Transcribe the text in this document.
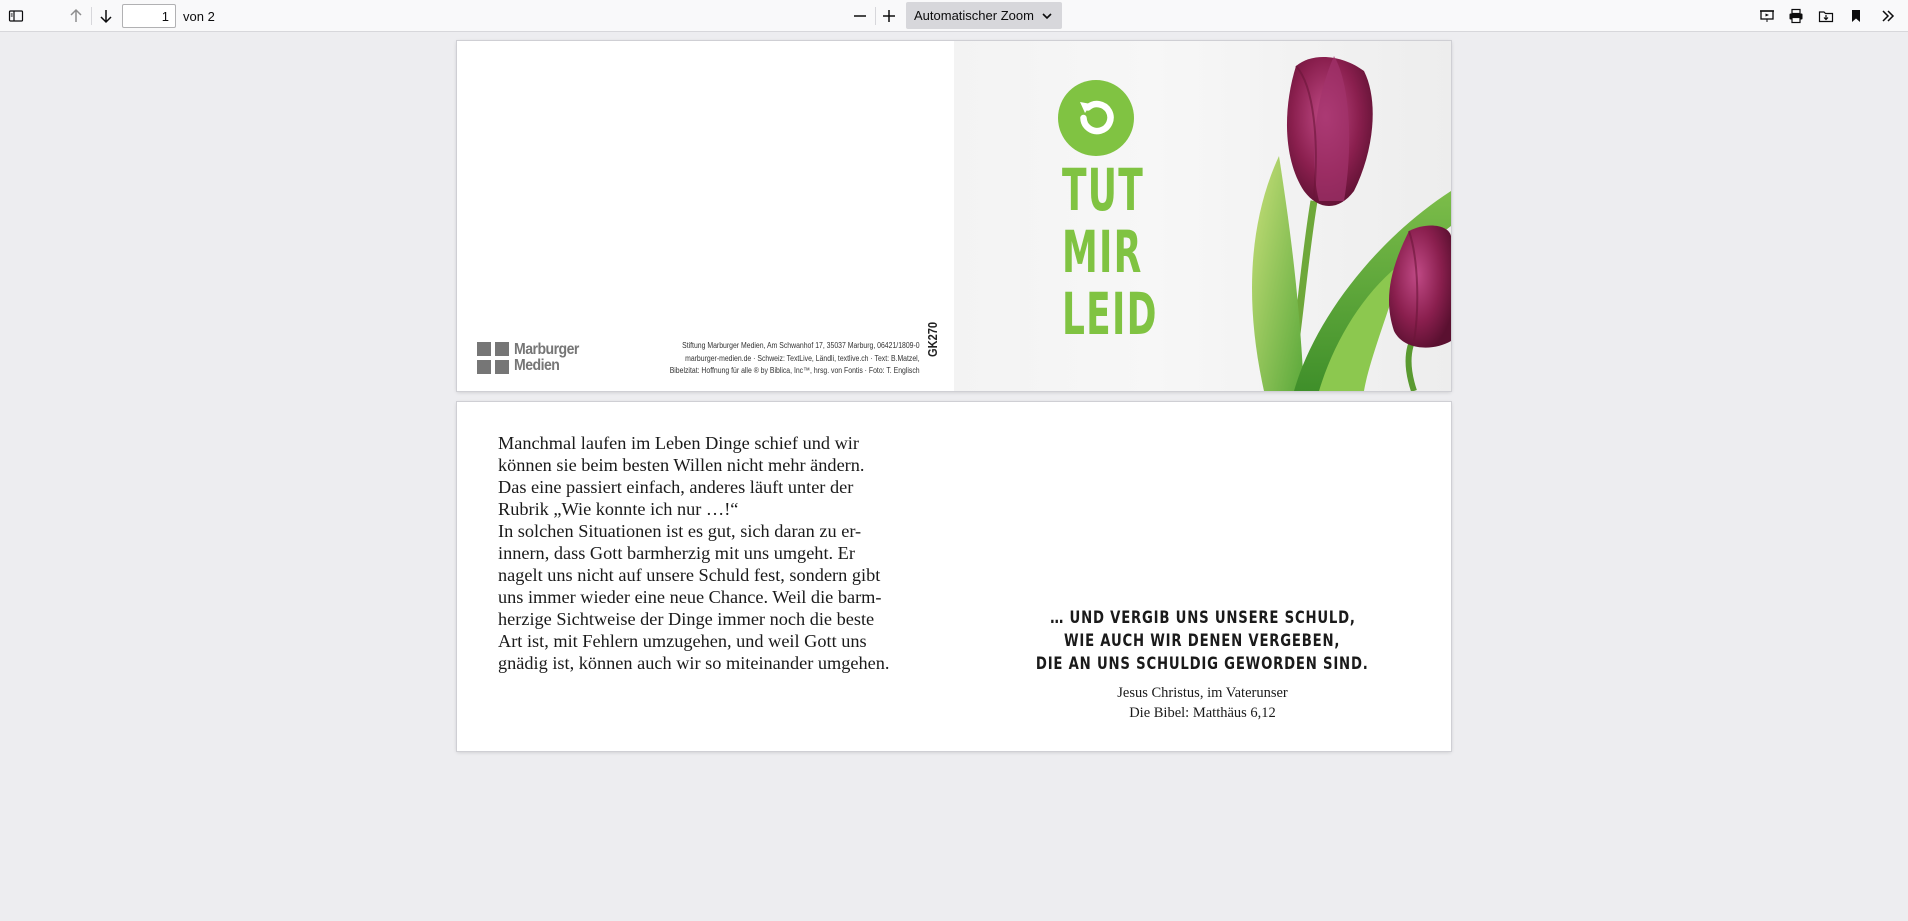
1
von 2	Automatischer Zoom
Marburger
Medien
Stiftung Marburger Medien, Am Schwanhof 17, 35037 Marburg, 06421/1809-0
marburger-medien.de · Schweiz: TextLive, Ländli, textlive.ch · Text: B.Matzel,
Bibelzitat: Hoffnung für alle ® by Biblica, Inc™, hrsg. von Fontis · Foto: T. Englisch
GK270
TUT
MIR
LEID

Manchmal laufen im Leben Dinge schief und wir

können sie beim besten Willen nicht mehr ändern.

Das eine passiert einfach, anderes läuft unter der

Rubrik „Wie konnte ich nur …!“

In solchen Situationen ist es gut, sich daran zu er-

innern, dass Gott barmherzig mit uns umgeht. Er

nagelt uns nicht auf unsere Schuld fest, sondern gibt

uns immer wieder eine neue Chance. Weil die barm-

herzige Sichtweise der Dinge immer noch die beste

Art ist, mit Fehlern umzugehen, und weil Gott uns

gnädig ist, können auch wir so miteinander umgehen.

… UND VERGIB UNS UNSERE SCHULD,
WIE AUCH WIR DENEN VERGEBEN,
DIE AN UNS SCHULDIG GEWORDEN SIND.
Jesus Christus, im Vaterunser
Die Bibel: Matthäus 6,12
